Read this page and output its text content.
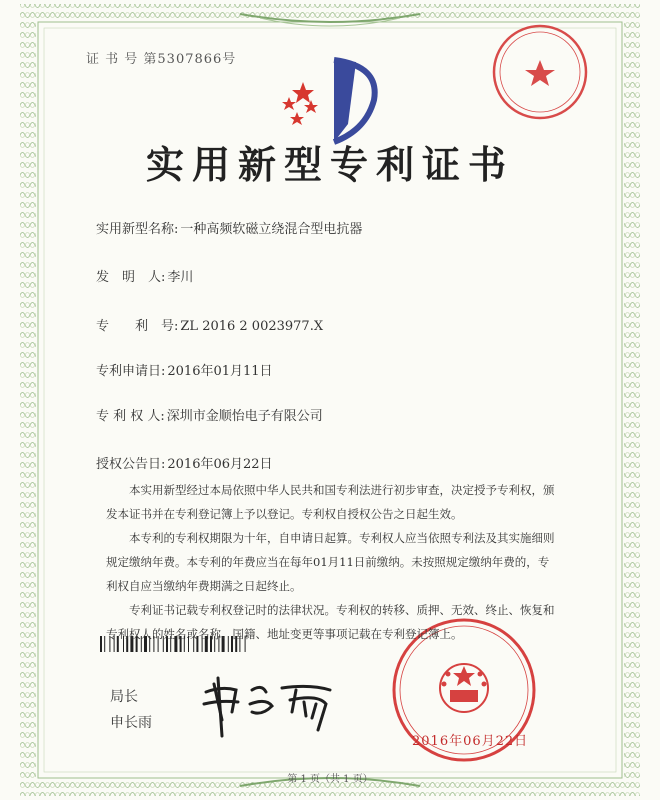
证 书 号 第5307866号
实用新型专利证书
实用新型名称: 一种高频软磁立绕混合型电抗器
发　明　人: 李川
专　　利　号: ZL 2016 2 0023977.X
专利申请日: 2016年01月11日
专 利 权 人: 深圳市金顺怡电子有限公司
授权公告日: 2016年06月22日

本实用新型经过本局依照中华人民共和国专利法进行初步审查，决定授予专利权，颁发本证书并在专利登记簿上予以登记。专利权自授权公告之日起生效。

本专利的专利权期限为十年，自申请日起算。专利权人应当依照专利法及其实施细则规定缴纳年费。本专利的年费应当在每年01月11日前缴纳。未按照规定缴纳年费的，专利权自应当缴纳年费期满之日起终止。

专利证书记载专利权登记时的法律状况。专利权的转移、质押、无效、终止、恢复和专利权人的姓名或名称、国籍、地址变更等事项记载在专利登记簿上。

局长
申长雨
2016年06月22日
第 1 页（共 1 页）
